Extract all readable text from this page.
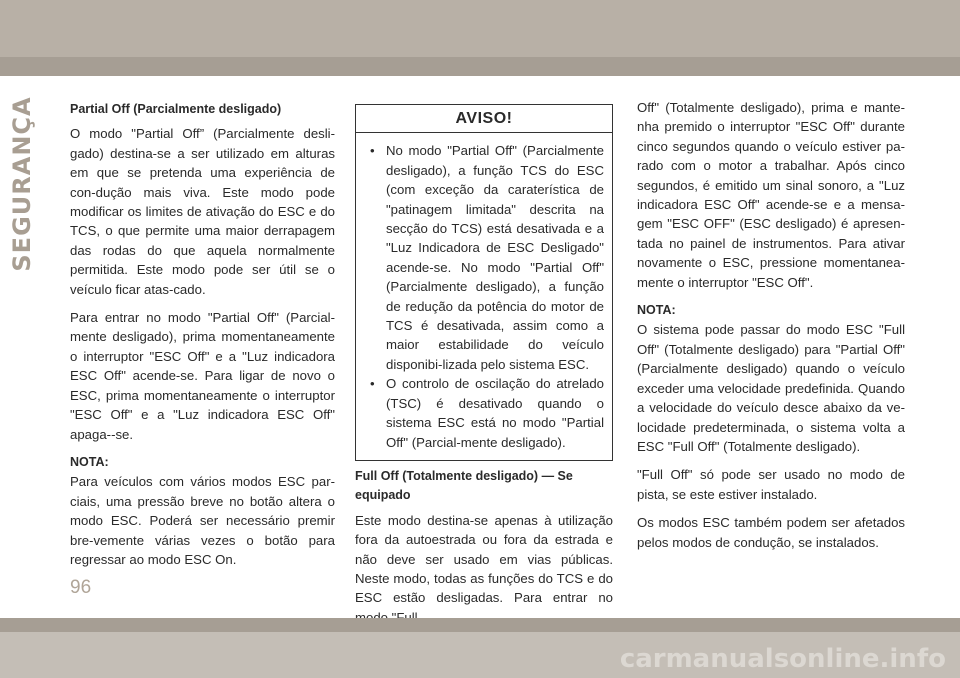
SEGURANÇA	Partial Off (Parcialmente desligado)

O modo "Partial Off” (Parcialmente desli-gado) destina-se a ser utilizado em alturas em que se pretenda uma experiência de con-dução mais viva. Este modo pode modificar os limites de ativação do ESC e do TCS, o que permite uma maior derrapagem das rodas do que aquela normalmente permitida. Este modo pode ser útil se o veículo ficar atas-cado.

Para entrar no modo "Partial Off" (Parcial-mente desligado), prima momentaneamente o interruptor "ESC Off" e a "Luz indicadora ESC Off" acende-se. Para ligar de novo o ESC, prima momentaneamente o interruptor "ESC Off" e a "Luz indicadora ESC Off" apaga--se.

NOTA:

Para veículos com vários modos ESC par-ciais, uma pressão breve no botão altera o modo ESC. Poderá ser necessário premir bre-vemente várias vezes o botão para regressar ao modo ESC On.

AVISO!
• No modo "Partial Off" (Parcialmente desligado), a função TCS do ESC (com exceção da caraterística de "patinagem limitada" descrita na secção do TCS) está desativada e a "Luz Indicadora de ESC Desligado" acende-se. No modo "Partial Off" (Parcialmente desligado), a função de redução da potência do motor de TCS é desativada, assim como a maior estabilidade do veículo disponibi-lizada pelo sistema ESC.
• O controlo de oscilação do atrelado (TSC) é desativado quando o sistema ESC está no modo "Partial Off" (Parcial-mente desligado).
Full Off (Totalmente desligado) — Se equipado

Este modo destina-se apenas à utilização fora da autoestrada ou fora da estrada e não deve ser usado em vias públicas. Neste modo, todas as funções do TCS e do ESC estão desligadas. Para entrar no

Off" (Totalmente desligado), prima e mante-nha premido o interruptor "ESC Off" durante cinco segundos quando o veículo estiver pa-rado com o motor a trabalhar. Após cinco segundos, é emitido um sinal sonoro, a "Luz indicadora ESC Off" acende-se e a mensa-gem "ESC OFF" (ESC desligado) é apresen-tada no painel de instrumentos. Para ativar novamente o ESC, pressione momentanea-mente o interruptor "ESC Off".

NOTA:

O sistema pode passar do modo ESC "Full Off" (Totalmente desligado) para "Partial Off" (Parcialmente desligado) quando o veículo exceder uma velocidade predefinida. Quando a velocidade do veículo desce abaixo da ve-locidade predeterminada, o sistema volta a ESC "Full Off" (Totalmente desligado).

"Full Off" só pode ser usado no modo de pista, se este estiver instalado.

Os modos ESC também podem ser afetados pelos modos de condução, se instalados.

96
carmanualsonline.info
